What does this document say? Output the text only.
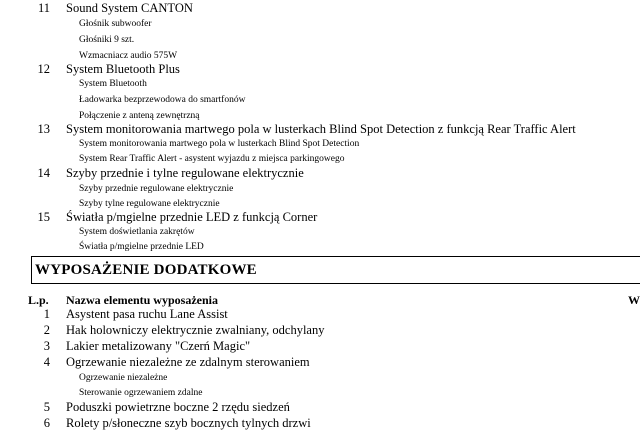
11 Sound System CANTON
Głośnik subwoofer
Głośniki 9 szt.
Wzmacniacz audio 575W
12 System Bluetooth Plus
System Bluetooth
Ładowarka bezprzewodowa do smartfonów
Połączenie z anteną zewnętrzną
13 System monitorowania martwego pola w lusterkach Blind Spot Detection z funkcją Rear Traffic Alert
System monitorowania martwego pola w lusterkach Blind Spot Detection
System Rear Traffic Alert - asystent wyjazdu z miejsca parkingowego
14 Szyby przednie i tylne regulowane elektrycznie
Szyby przednie regulowane elektrycznie
Szyby tylne regulowane elektrycznie
15 Światła p/mgielne przednie LED z funkcją Corner
System doświetlania zakrętów
Światła p/mgielne przednie LED
WYPOSAŻENIE DODATKOWE
L.p. Nazwa elementu wyposażenia	W
1 Asystent pasa ruchu Lane Assist
2 Hak holowniczy elektrycznie zwalniany, odchylany
3 Lakier metalizowany "Czerń Magic"
4 Ogrzewanie niezależne ze zdalnym sterowaniem
Ogrzewanie niezależne
Sterowanie ogrzewaniem zdalne
5 Poduszki powietrzne boczne 2 rzędu siedzeń
6 Rolety p/słoneczne szyb bocznych tylnych drzwi
